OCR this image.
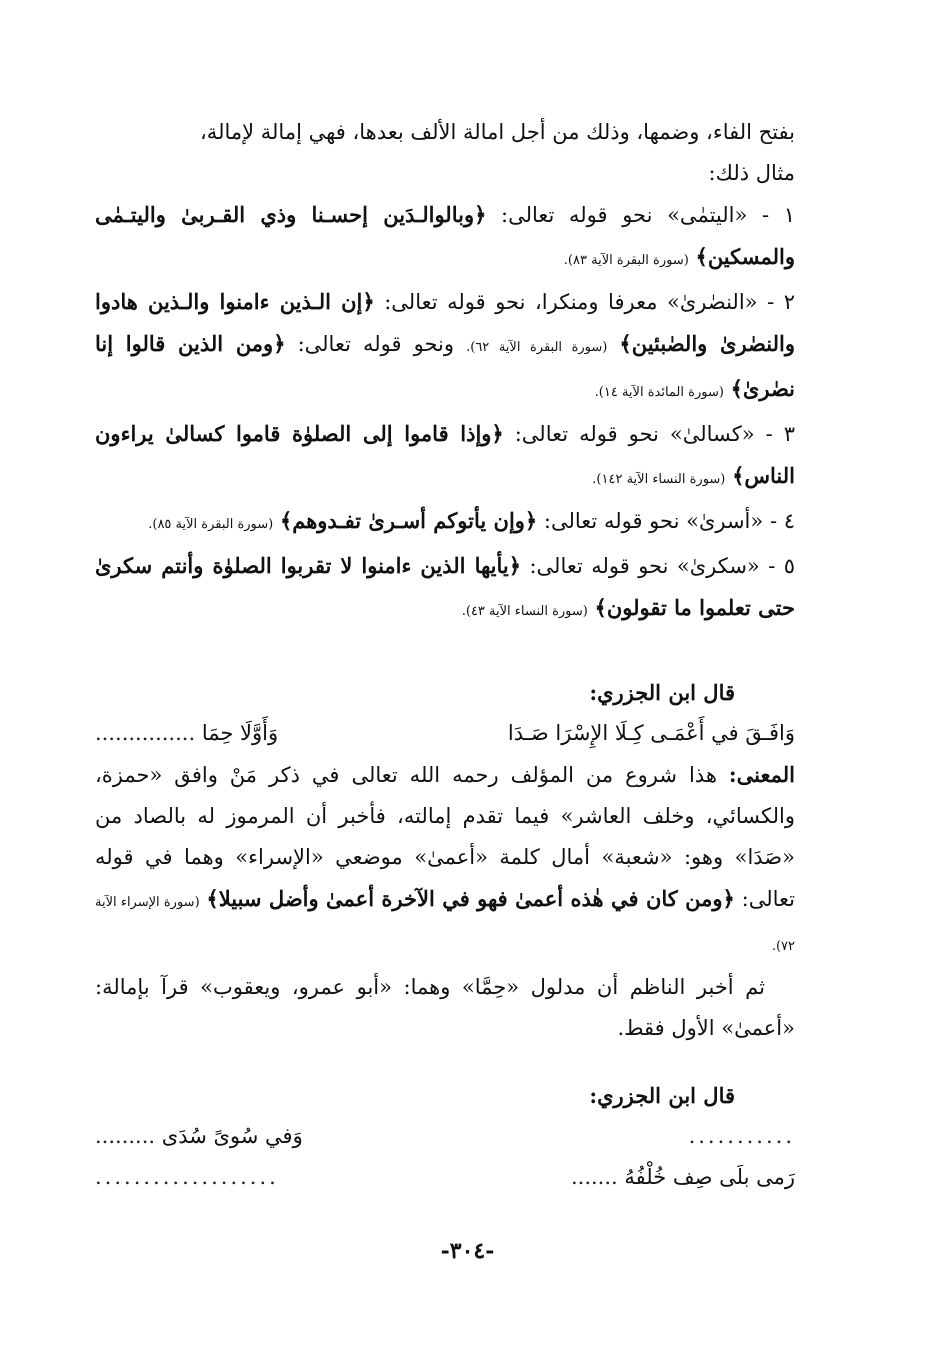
بفتح الفاء، وضمها، وذلك من أجل امالة الألف بعدها، فهي إمالة لإمالة،
مثال ذلك:

١ - «اليتمٰى» نحو قوله تعالى: ﴿وبالوالـدَين إحسـنا وذي القـربىٰ واليتـمٰى والمسكين﴾ (سورة البقرة الآية ٨٣).

٢ - «النصٰرىٰ» معرفا ومنكرا، نحو قوله تعالى: ﴿إن الـذين ءامنوا والـذين هادوا والنصٰرىٰ والصٰبئين﴾ (سورة البقرة الآية ٦٢). ونحو قوله تعالى: ﴿ومن الذين قالوا إنا نصٰرىٰ﴾ (سورة المائدة الآية ١٤).

٣ - «كسالىٰ» نحو قوله تعالى: ﴿وإذا قاموا إلى الصلوٰة قاموا كسالىٰ يراءون الناس﴾ (سورة النساء الآية ١٤٢).

٤ - «أسرىٰ» نحو قوله تعالى: ﴿وإن يأتوكم أسـرىٰ تفـدوهم﴾ (سورة البقرة الآية ٨٥).

٥ - «سكرىٰ» نحو قوله تعالى: ﴿يأيها الذين ءامنوا لا تقربوا الصلوٰة وأنتم سكرىٰ حتى تعلموا ما تقولون﴾ (سورة النساء الآية ٤٣).

قال ابن الجزري:

وَافَـقَ في أَعْمَـى كِـلَا الإِسْرَا صَـدَا
وَأَوَّلَا حِمَا ...............

المعنى: هذا شروع من المؤلف رحمه الله تعالى في ذكر مَنْ وافق «حمزة، والكسائي، وخلف العاشر» فيما تقدم إمالته، فأخبر أن المرموز له بالصاد من «صَدَا» وهو: «شعبة» أمال كلمة «أعمىٰ» موضعي «الإسراء» وهما في قوله تعالى: ﴿ومن كان في هٰذه أعمىٰ فهو في الآخرة أعمىٰ وأضل سبيلا﴾ (سورة الإسراء الآية ٧٢).

ثم أخبر الناظم أن مدلول «حِمَّا» وهما: «أبو عمرو، ويعقوب» قرآ بإمالة: «أعمىٰ» الأول فقط.

قال ابن الجزري:

...........
وَفي سُوىً سُدَى .........
رَمى بلَى صِف خُلْفُهُ .......
...................
-٣٠٤-
